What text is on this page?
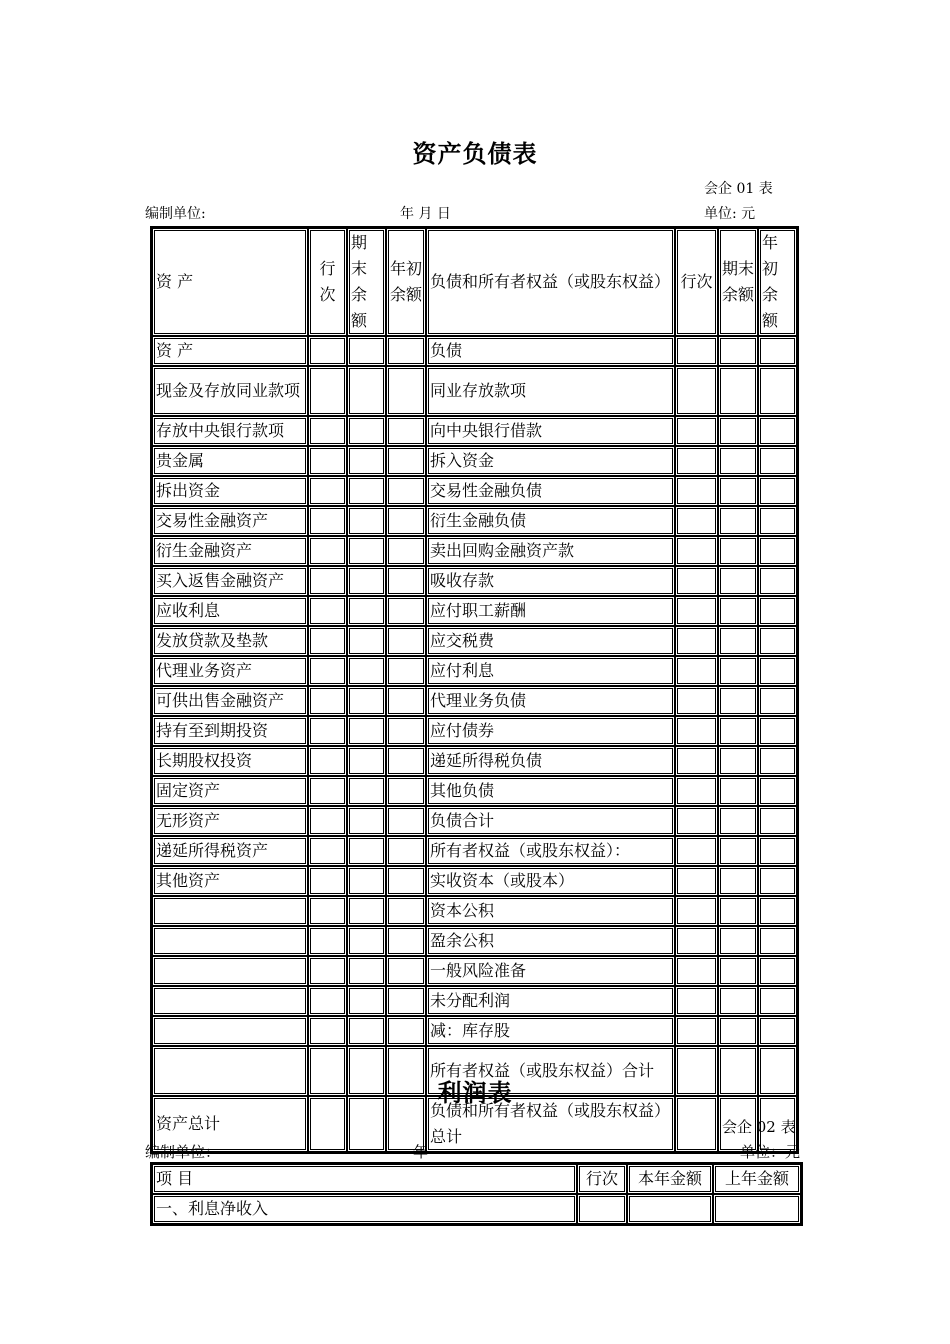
资产负债表
会企 01 表
编制单位:	年 月 日	单位: 元
资 产	行次	期末余额	年初余额	负债和所有者权益（或股东权益）	行次	期末余额	年初余额
资 产				负债			
现金及存放同业款项				同业存放款项			
存放中央银行款项				向中央银行借款			
贵金属				拆入资金			
拆出资金				交易性金融负债			
交易性金融资产				衍生金融负债			
衍生金融资产				卖出回购金融资产款			
买入返售金融资产				吸收存款			
应收利息				应付职工薪酬			
发放贷款及垫款				应交税费			
代理业务资产				应付利息			
可供出售金融资产				代理业务负债			
持有至到期投资				应付债券			
长期股权投资				递延所得税负债			
固定资产				其他负债			
无形资产				负债合计			
递延所得税资产				所有者权益（或股东权益）：			
其他资产				实收资本（或股本）			
				资本公积			
				盈余公积			
				一般风险准备			
				未分配利润			
				减：库存股			
				所有者权益（或股东权益）合计			
资产总计				负债和所有者权益（或股东权益）总计			
利润表
会企 02 表
编制单位：	年	单位：元
项 目	行次	本年金额	上年金额
一、利息净收入			
